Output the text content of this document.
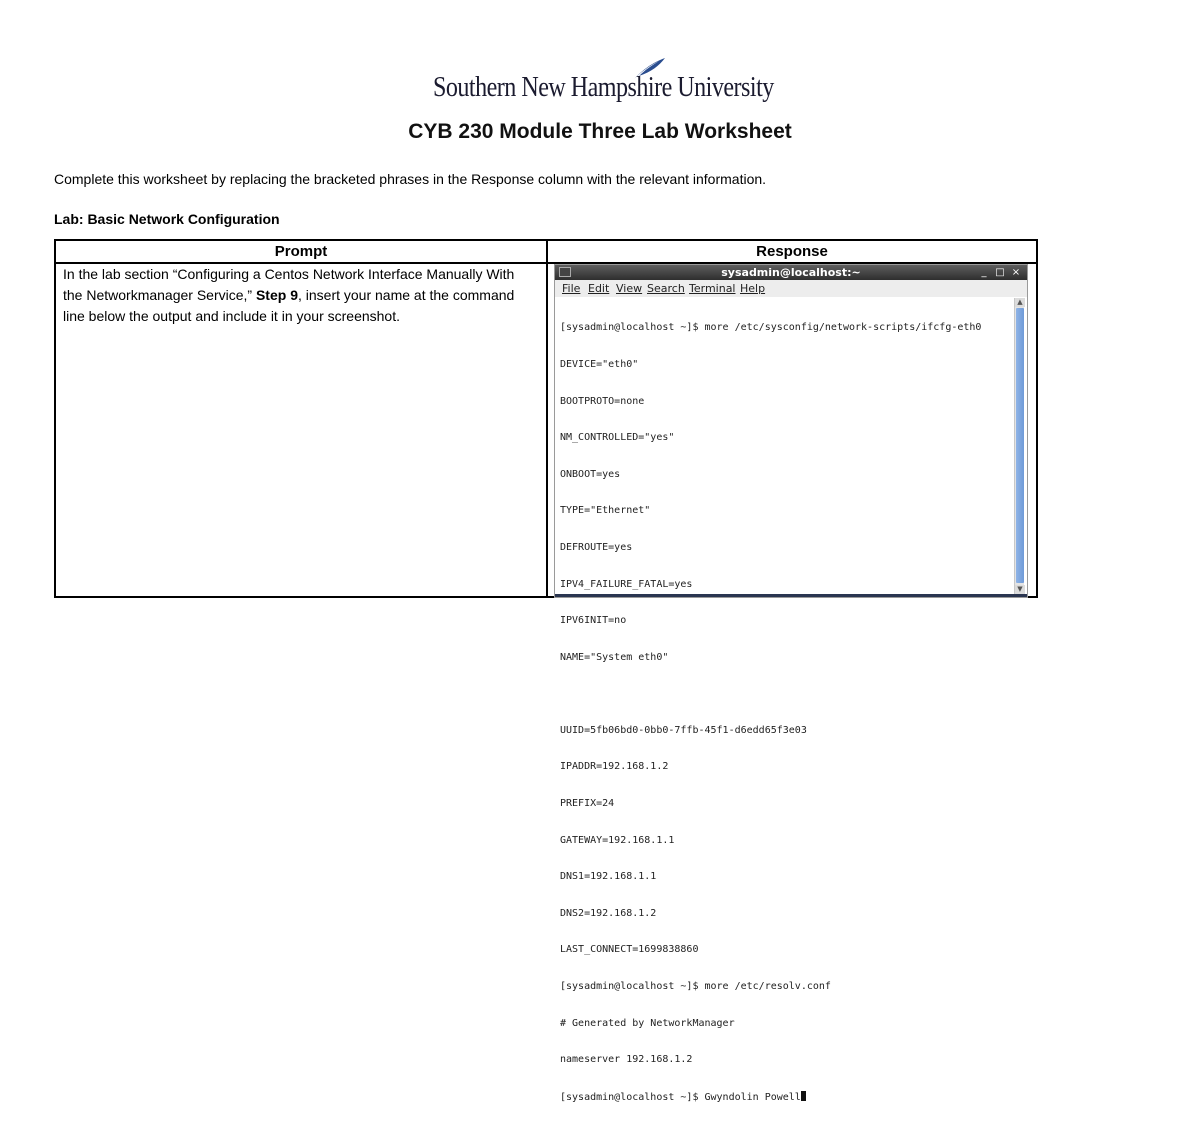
Southern New Hampshire University
CYB 230 Module Three Lab Worksheet
Complete this worksheet by replacing the bracketed phrases in the Response column with the relevant information.
Lab: Basic Network Configuration
Prompt	Response
In the lab section “Configuring a Centos Network Interface Manually With the Networkmanager Service,” Step 9, insert your name at the command line below the output and include it in your screenshot.
sysadmin@localhost:~	_ □ ×
File Edit View Search Terminal Help

[sysadmin@localhost ~]$ more /etc/sysconfig/network-scripts/ifcfg-eth0

DEVICE="eth0"

BOOTPROTO=none

NM_CONTROLLED="yes"

ONBOOT=yes

TYPE="Ethernet"

DEFROUTE=yes

IPV4_FAILURE_FATAL=yes

IPV6INIT=no

NAME="System eth0"

UUID=5fb06bd0-0bb0-7ffb-45f1-d6edd65f3e03

IPADDR=192.168.1.2

PREFIX=24

GATEWAY=192.168.1.1

DNS1=192.168.1.1

DNS2=192.168.1.2

LAST_CONNECT=1699838860

[sysadmin@localhost ~]$ more /etc/resolv.conf

# Generated by NetworkManager

nameserver 192.168.1.2

[sysadmin@localhost ~]$ Gwyndolin Powell

▲
▼
